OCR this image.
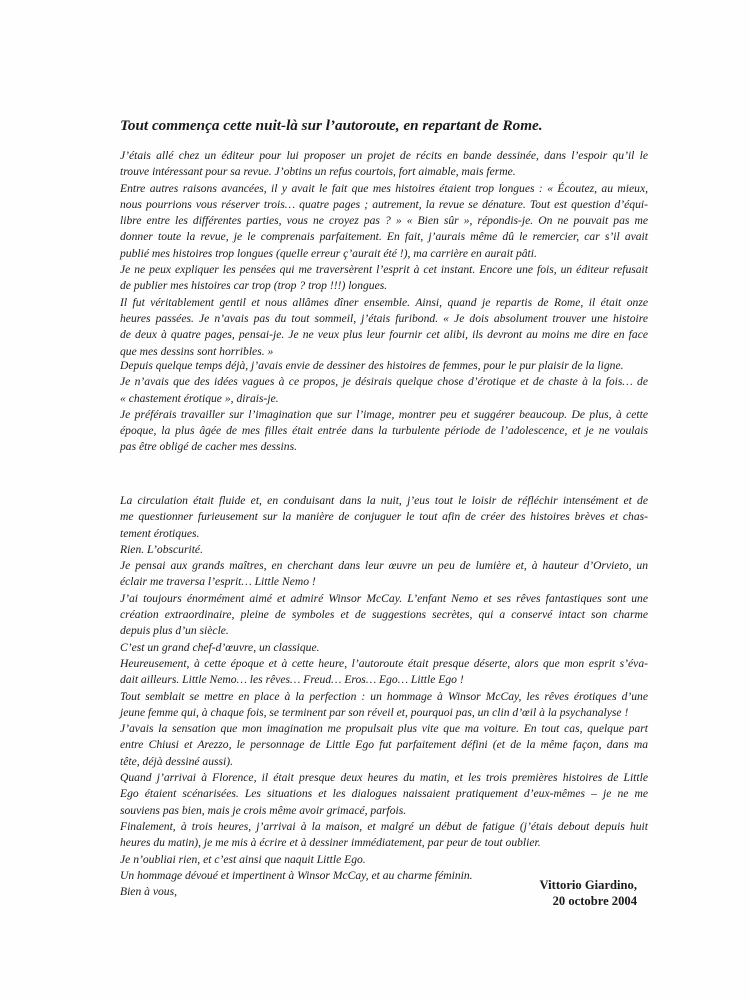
Tout commença cette nuit-là sur l’autoroute, en repartant de Rome.
J’étais allé chez un éditeur pour lui proposer un projet de récits en bande dessinée, dans l’espoir qu’il le
trouve intéressant pour sa revue. J’obtins un refus courtois, fort aimable, mais ferme.
Entre autres raisons avancées, il y avait le fait que mes histoires étaient trop longues : « Écoutez, au mieux,
nous pourrions vous réserver trois… quatre pages ; autrement, la revue se dénature. Tout est question d’équi-
libre entre les différentes parties, vous ne croyez pas ? » « Bien sûr », répondis-je. On ne pouvait pas me
donner toute la revue, je le comprenais parfaitement. En fait, j’aurais même dû le remercier, car s’il avait
publié mes histoires trop longues (quelle erreur ç’aurait été !), ma carrière en aurait pâti.
Je ne peux expliquer les pensées qui me traversèrent l’esprit à cet instant. Encore une fois, un éditeur refusait
de publier mes histoires car trop (trop ? trop !!!) longues.
Il fut véritablement gentil et nous allâmes dîner ensemble. Ainsi, quand je repartis de Rome, il était onze
heures passées. Je n’avais pas du tout sommeil, j’étais furibond. « Je dois absolument trouver une histoire
de deux à quatre pages, pensai-je. Je ne veux plus leur fournir cet alibi, ils devront au moins me dire en face
que mes dessins sont horribles. »
Depuis quelque temps déjà, j’avais envie de dessiner des histoires de femmes, pour le pur plaisir de la ligne.
Je n’avais que des idées vagues à ce propos, je désirais quelque chose d’érotique et de chaste à la fois… de
« chastement érotique », dirais-je.
Je préférais travailler sur l’imagination que sur l’image, montrer peu et suggérer beaucoup. De plus, à cette
époque, la plus âgée de mes filles était entrée dans la turbulente période de l’adolescence, et je ne voulais
pas être obligé de cacher mes dessins.
La circulation était fluide et, en conduisant dans la nuit, j’eus tout le loisir de réfléchir intensément et de
me questionner furieusement sur la manière de conjuguer le tout afin de créer des histoires brèves et chas-
tement érotiques.
Rien. L’obscurité.
Je pensai aux grands maîtres, en cherchant dans leur œuvre un peu de lumière et, à hauteur d’Orvieto, un
éclair me traversa l’esprit… Little Nemo !
J’ai toujours énormément aimé et admiré Winsor McCay. L’enfant Nemo et ses rêves fantastiques sont une
création extraordinaire, pleine de symboles et de suggestions secrètes, qui a conservé intact son charme
depuis plus d’un siècle.
C’est un grand chef-d’œuvre, un classique.
Heureusement, à cette époque et à cette heure, l’autoroute était presque déserte, alors que mon esprit s’éva-
dait ailleurs. Little Nemo… les rêves… Freud… Eros… Ego… Little Ego !
Tout semblait se mettre en place à la perfection : un hommage à Winsor McCay, les rêves érotiques d’une
jeune femme qui, à chaque fois, se terminent par son réveil et, pourquoi pas, un clin d’œil à la psychanalyse !
J’avais la sensation que mon imagination me propulsait plus vite que ma voiture. En tout cas, quelque part
entre Chiusi et Arezzo, le personnage de Little Ego fut parfaitement défini (et de la même façon, dans ma
tête, déjà dessiné aussi).
Quand j’arrivai à Florence, il était presque deux heures du matin, et les trois premières histoires de Little
Ego étaient scénarisées. Les situations et les dialogues naissaient pratiquement d’eux-mêmes – je ne me
souviens pas bien, mais je crois même avoir grimacé, parfois.
Finalement, à trois heures, j’arrivai à la maison, et malgré un début de fatigue (j’étais debout depuis huit
heures du matin), je me mis à écrire et à dessiner immédiatement, par peur de tout oublier.
Je n’oubliai rien, et c’est ainsi que naquit Little Ego.
Un hommage dévoué et impertinent à Winsor McCay, et au charme féminin.
Bien à vous,	Vittorio Giardino,
20 octobre 2004
